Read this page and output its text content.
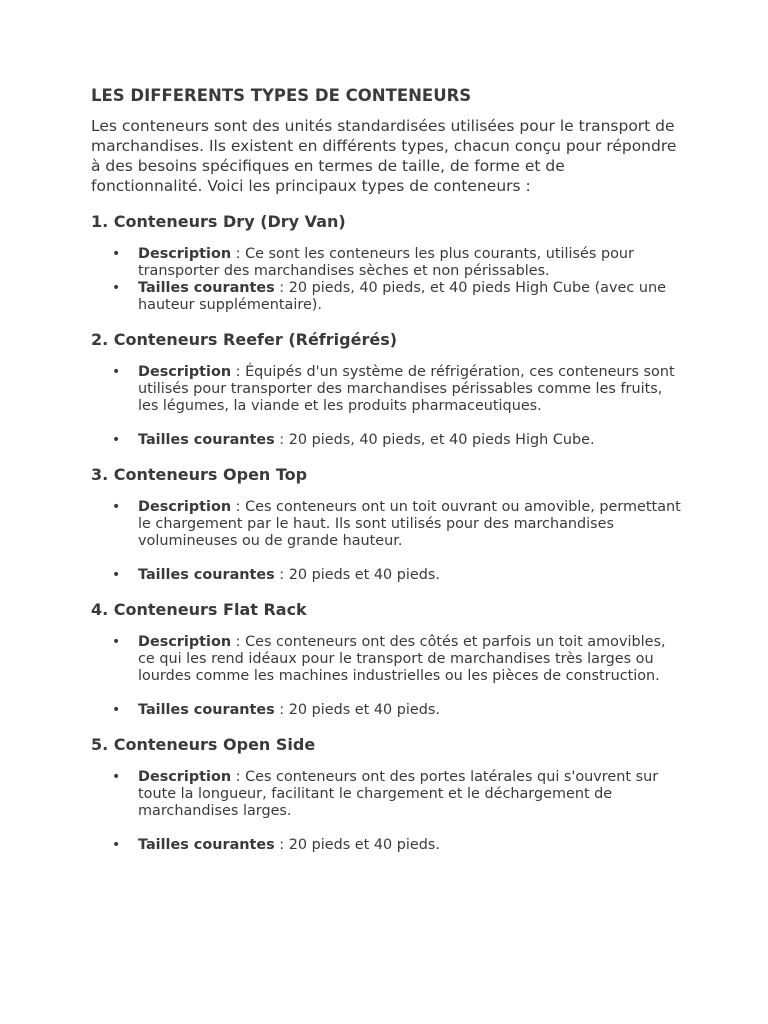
LES DIFFERENTS TYPES DE CONTENEURS

Les conteneurs sont des unités standardisées utilisées pour le transport de marchandises. Ils existent en différents types, chacun conçu pour répondre à des besoins spécifiques en termes de taille, de forme et de fonctionnalité. Voici les principaux types de conteneurs :

1. Conteneurs Dry (Dry Van)
• Description : Ce sont les conteneurs les plus courants, utilisés pour transporter des marchandises sèches et non périssables.
• Tailles courantes : 20 pieds, 40 pieds, et 40 pieds High Cube (avec une hauteur supplémentaire).
2. Conteneurs Reefer (Réfrigérés)
• Description : Équipés d'un système de réfrigération, ces conteneurs sont utilisés pour transporter des marchandises périssables comme les fruits, les légumes, la viande et les produits pharmaceutiques.
• Tailles courantes : 20 pieds, 40 pieds, et 40 pieds High Cube.
3. Conteneurs Open Top
• Description : Ces conteneurs ont un toit ouvrant ou amovible, permettant le chargement par le haut. Ils sont utilisés pour des marchandises volumineuses ou de grande hauteur.
• Tailles courantes : 20 pieds et 40 pieds.
4. Conteneurs Flat Rack
• Description : Ces conteneurs ont des côtés et parfois un toit amovibles, ce qui les rend idéaux pour le transport de marchandises très larges ou lourdes comme les machines industrielles ou les pièces de construction.
• Tailles courantes : 20 pieds et 40 pieds.
5. Conteneurs Open Side
• Description : Ces conteneurs ont des portes latérales qui s'ouvrent sur toute la longueur, facilitant le chargement et le déchargement de marchandises larges.
• Tailles courantes : 20 pieds et 40 pieds.
